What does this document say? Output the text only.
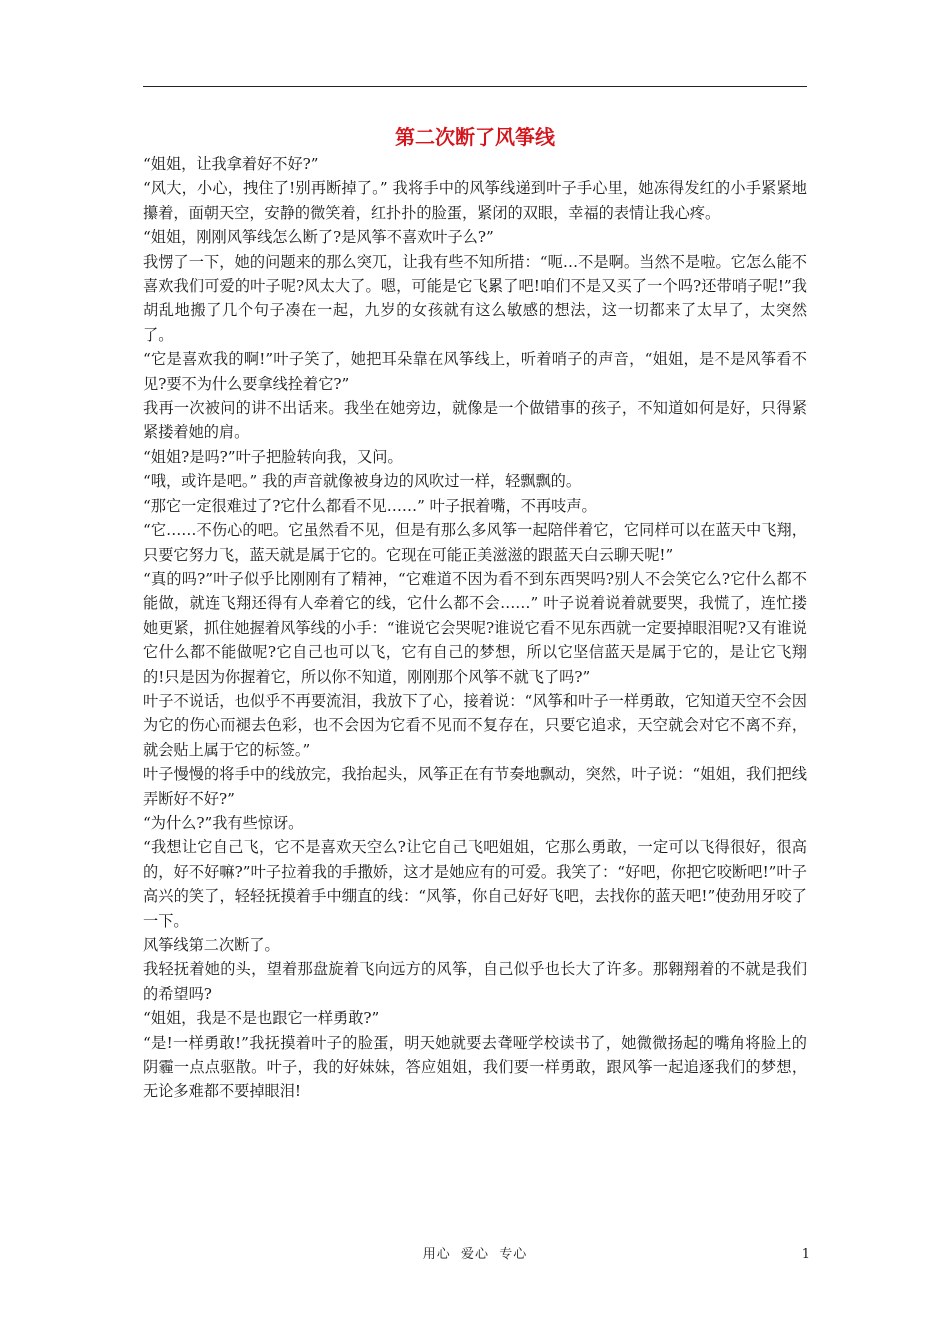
第二次断了风筝线

“姐姐，让我拿着好不好?”

“风大，小心，拽住了!别再断掉了。” 我将手中的风筝线递到叶子手心里，她冻得发红的小手紧紧地攥着，面朝天空，安静的微笑着，红扑扑的脸蛋，紧闭的双眼，幸福的表情让我心疼。

“姐姐，刚刚风筝线怎么断了?是风筝不喜欢叶子么?”

我愣了一下，她的问题来的那么突兀，让我有些不知所措：“呃…不是啊。当然不是啦。它怎么能不喜欢我们可爱的叶子呢?风太大了。嗯，可能是它飞累了吧!咱们不是又买了一个吗?还带哨子呢!”我胡乱地搬了几个句子凑在一起，九岁的女孩就有这么敏感的想法，这一切都来了太早了，太突然了。

“它是喜欢我的啊!”叶子笑了，她把耳朵靠在风筝线上，听着哨子的声音，“姐姐，是不是风筝看不见?要不为什么要拿线拴着它?”

我再一次被问的讲不出话来。我坐在她旁边，就像是一个做错事的孩子，不知道如何是好，只得紧紧搂着她的肩。

“姐姐?是吗?”叶子把脸转向我，又问。

“哦，或许是吧。” 我的声音就像被身边的风吹过一样，轻飘飘的。

“那它一定很难过了?它什么都看不见……” 叶子抿着嘴，不再吱声。

“它……不伤心的吧。它虽然看不见，但是有那么多风筝一起陪伴着它，它同样可以在蓝天中飞翔，只要它努力飞，蓝天就是属于它的。它现在可能正美滋滋的跟蓝天白云聊天呢!”

“真的吗?”叶子似乎比刚刚有了精神，“它难道不因为看不到东西哭吗?别人不会笑它么?它什么都不能做，就连飞翔还得有人牵着它的线，它什么都不会……” 叶子说着说着就要哭，我慌了，连忙搂她更紧，抓住她握着风筝线的小手：“谁说它会哭呢?谁说它看不见东西就一定要掉眼泪呢?又有谁说它什么都不能做呢?它自己也可以飞，它有自己的梦想，所以它坚信蓝天是属于它的，是让它飞翔的!只是因为你握着它，所以你不知道，刚刚那个风筝不就飞了吗?”

叶子不说话，也似乎不再要流泪，我放下了心，接着说：“风筝和叶子一样勇敢，它知道天空不会因为它的伤心而褪去色彩，也不会因为它看不见而不复存在，只要它追求，天空就会对它不离不弃，就会贴上属于它的标签。”

叶子慢慢的将手中的线放完，我抬起头，风筝正在有节奏地飘动，突然，叶子说：“姐姐，我们把线弄断好不好?”

“为什么?”我有些惊讶。

“我想让它自己飞，它不是喜欢天空么?让它自己飞吧姐姐，它那么勇敢，一定可以飞得很好，很高的，好不好嘛?”叶子拉着我的手撒娇，这才是她应有的可爱。我笑了：“好吧，你把它咬断吧!”叶子高兴的笑了，轻轻抚摸着手中绷直的线：“风筝，你自己好好飞吧，去找你的蓝天吧!”使劲用牙咬了一下。

风筝线第二次断了。

我轻抚着她的头，望着那盘旋着飞向远方的风筝，自己似乎也长大了许多。那翱翔着的不就是我们的希望吗?

“姐姐，我是不是也跟它一样勇敢?”

“是!一样勇敢!”我抚摸着叶子的脸蛋，明天她就要去聋哑学校读书了，她微微扬起的嘴角将脸上的阴霾一点点驱散。叶子，我的好妹妹，答应姐姐，我们要一样勇敢，跟风筝一起追逐我们的梦想，无论多难都不要掉眼泪!

用心  爱心  专心	1
